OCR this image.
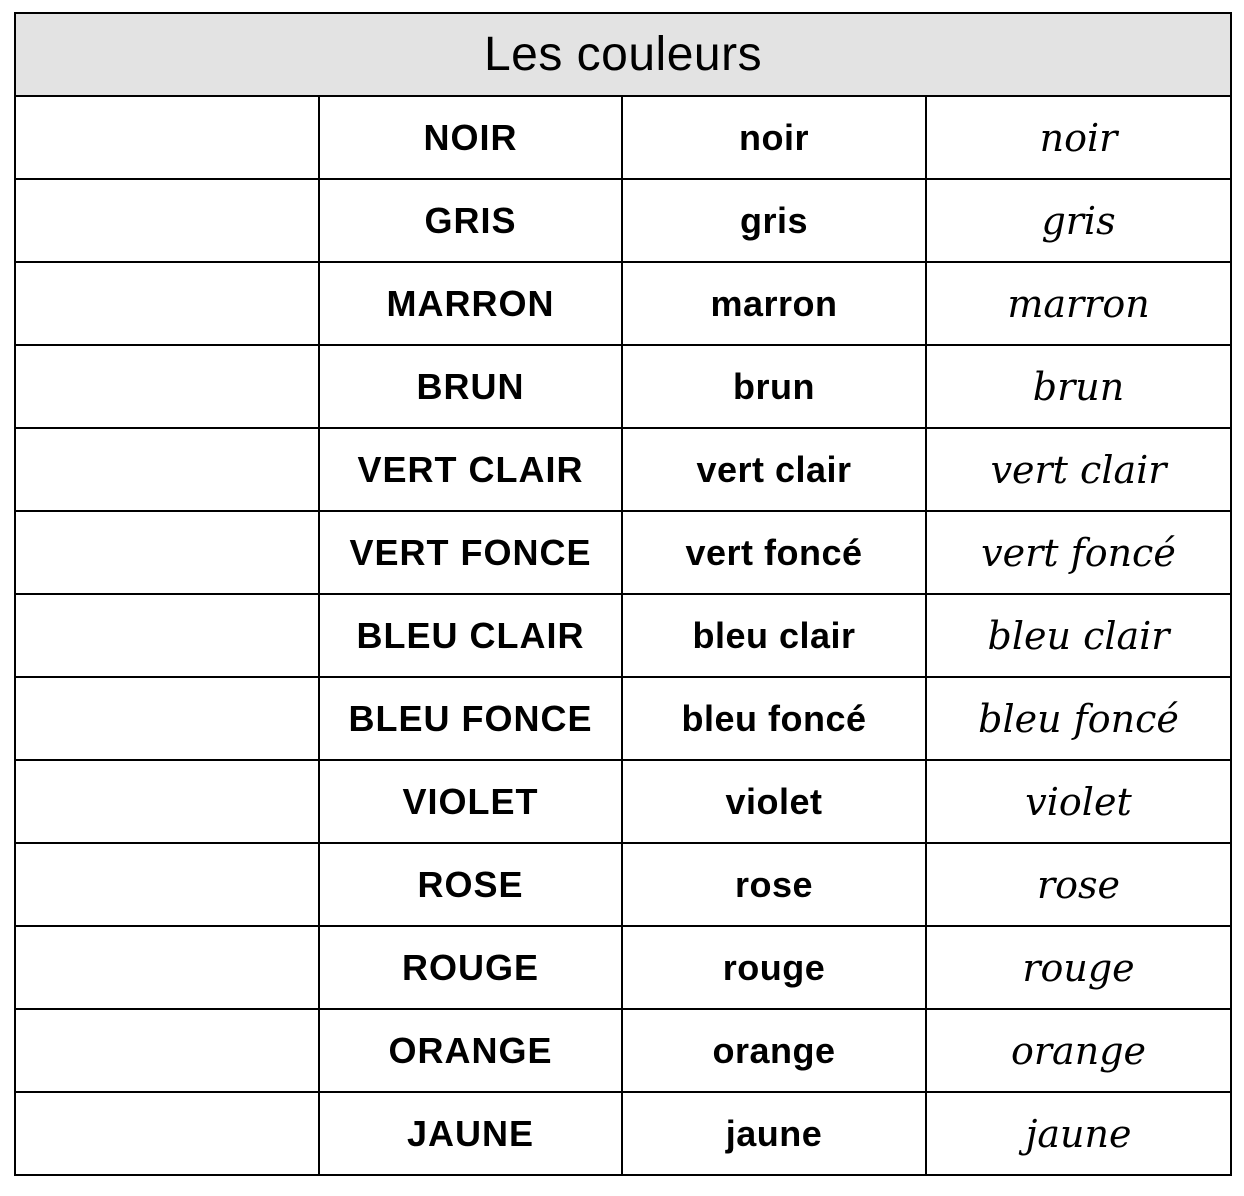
Les couleurs			
	NOIR	noir	noir
	GRIS	gris	gris
	MARRON	marron	marron
	BRUN	brun	brun
	VERT CLAIR	vert clair	vert clair
	VERT FONCE	vert foncé	vert foncé
	BLEU CLAIR	bleu clair	bleu clair
	BLEU FONCE	bleu foncé	bleu foncé
	VIOLET	violet	violet
	ROSE	rose	rose
	ROUGE	rouge	rouge
	ORANGE	orange	orange
	JAUNE	jaune	jaune
